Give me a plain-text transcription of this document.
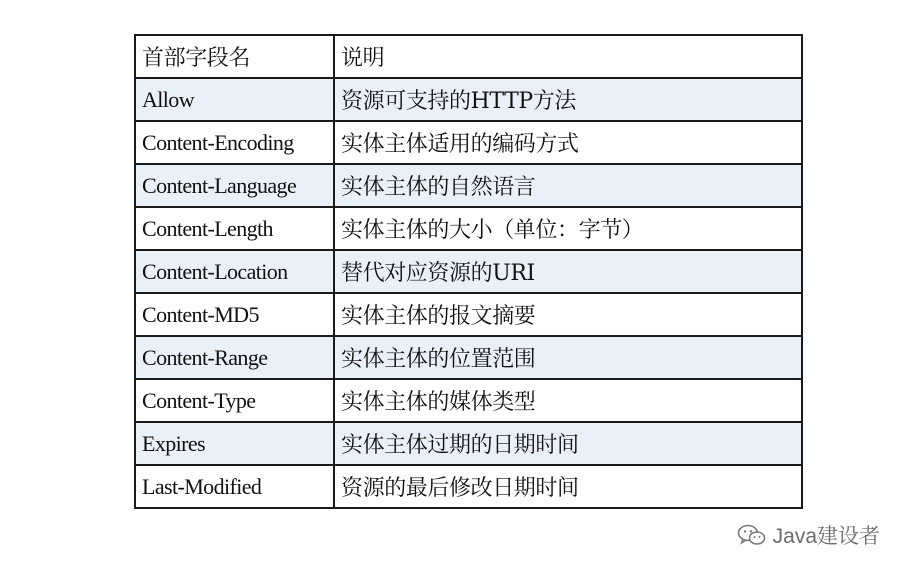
首部字段名	说明
Allow	资源可支持的HTTP方法
Content-Encoding	实体主体适用的编码方式
Content-Language	实体主体的自然语言
Content-Length	实体主体的大小（单位：字节）
Content-Location	替代对应资源的URI
Content-MD5	实体主体的报文摘要
Content-Range	实体主体的位置范围
Content-Type	实体主体的媒体类型
Expires	实体主体过期的日期时间
Last-Modified	资源的最后修改日期时间
Java建设者
